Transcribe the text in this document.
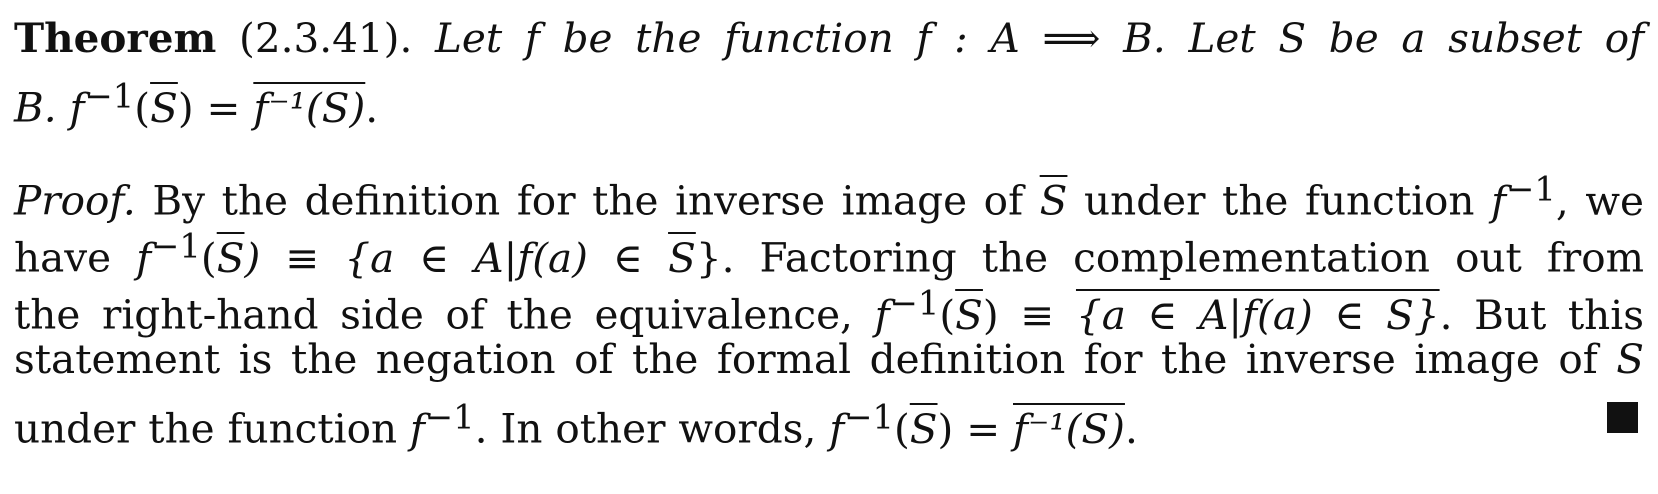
Theorem (2.3.41). Let f be the function f : A ⟹ B. Let S be a subset of
B. $f^{-1}(\overline{S}) = f^{-1}(S)$.
Proof. By the definition for the inverse image of $\overline{S}$ under the function $f^{-1}$, we
have $f^{-1}(\overline{S}) \equiv \{a$ ∈ A|f(a) ∈ $\overline{S}$}. Factoring the complementation out from
the right-hand side of the equivalence, $f^{-1}(\overline{S}) \equiv \{a$ ∈ A|f(a) ∈ S}. But this
statement is the negation of the formal definition for the inverse image of S
under the function $f^{-1}$. In other words, $f^{-1}(\overline{S}) = f^{-1}(S)$.
